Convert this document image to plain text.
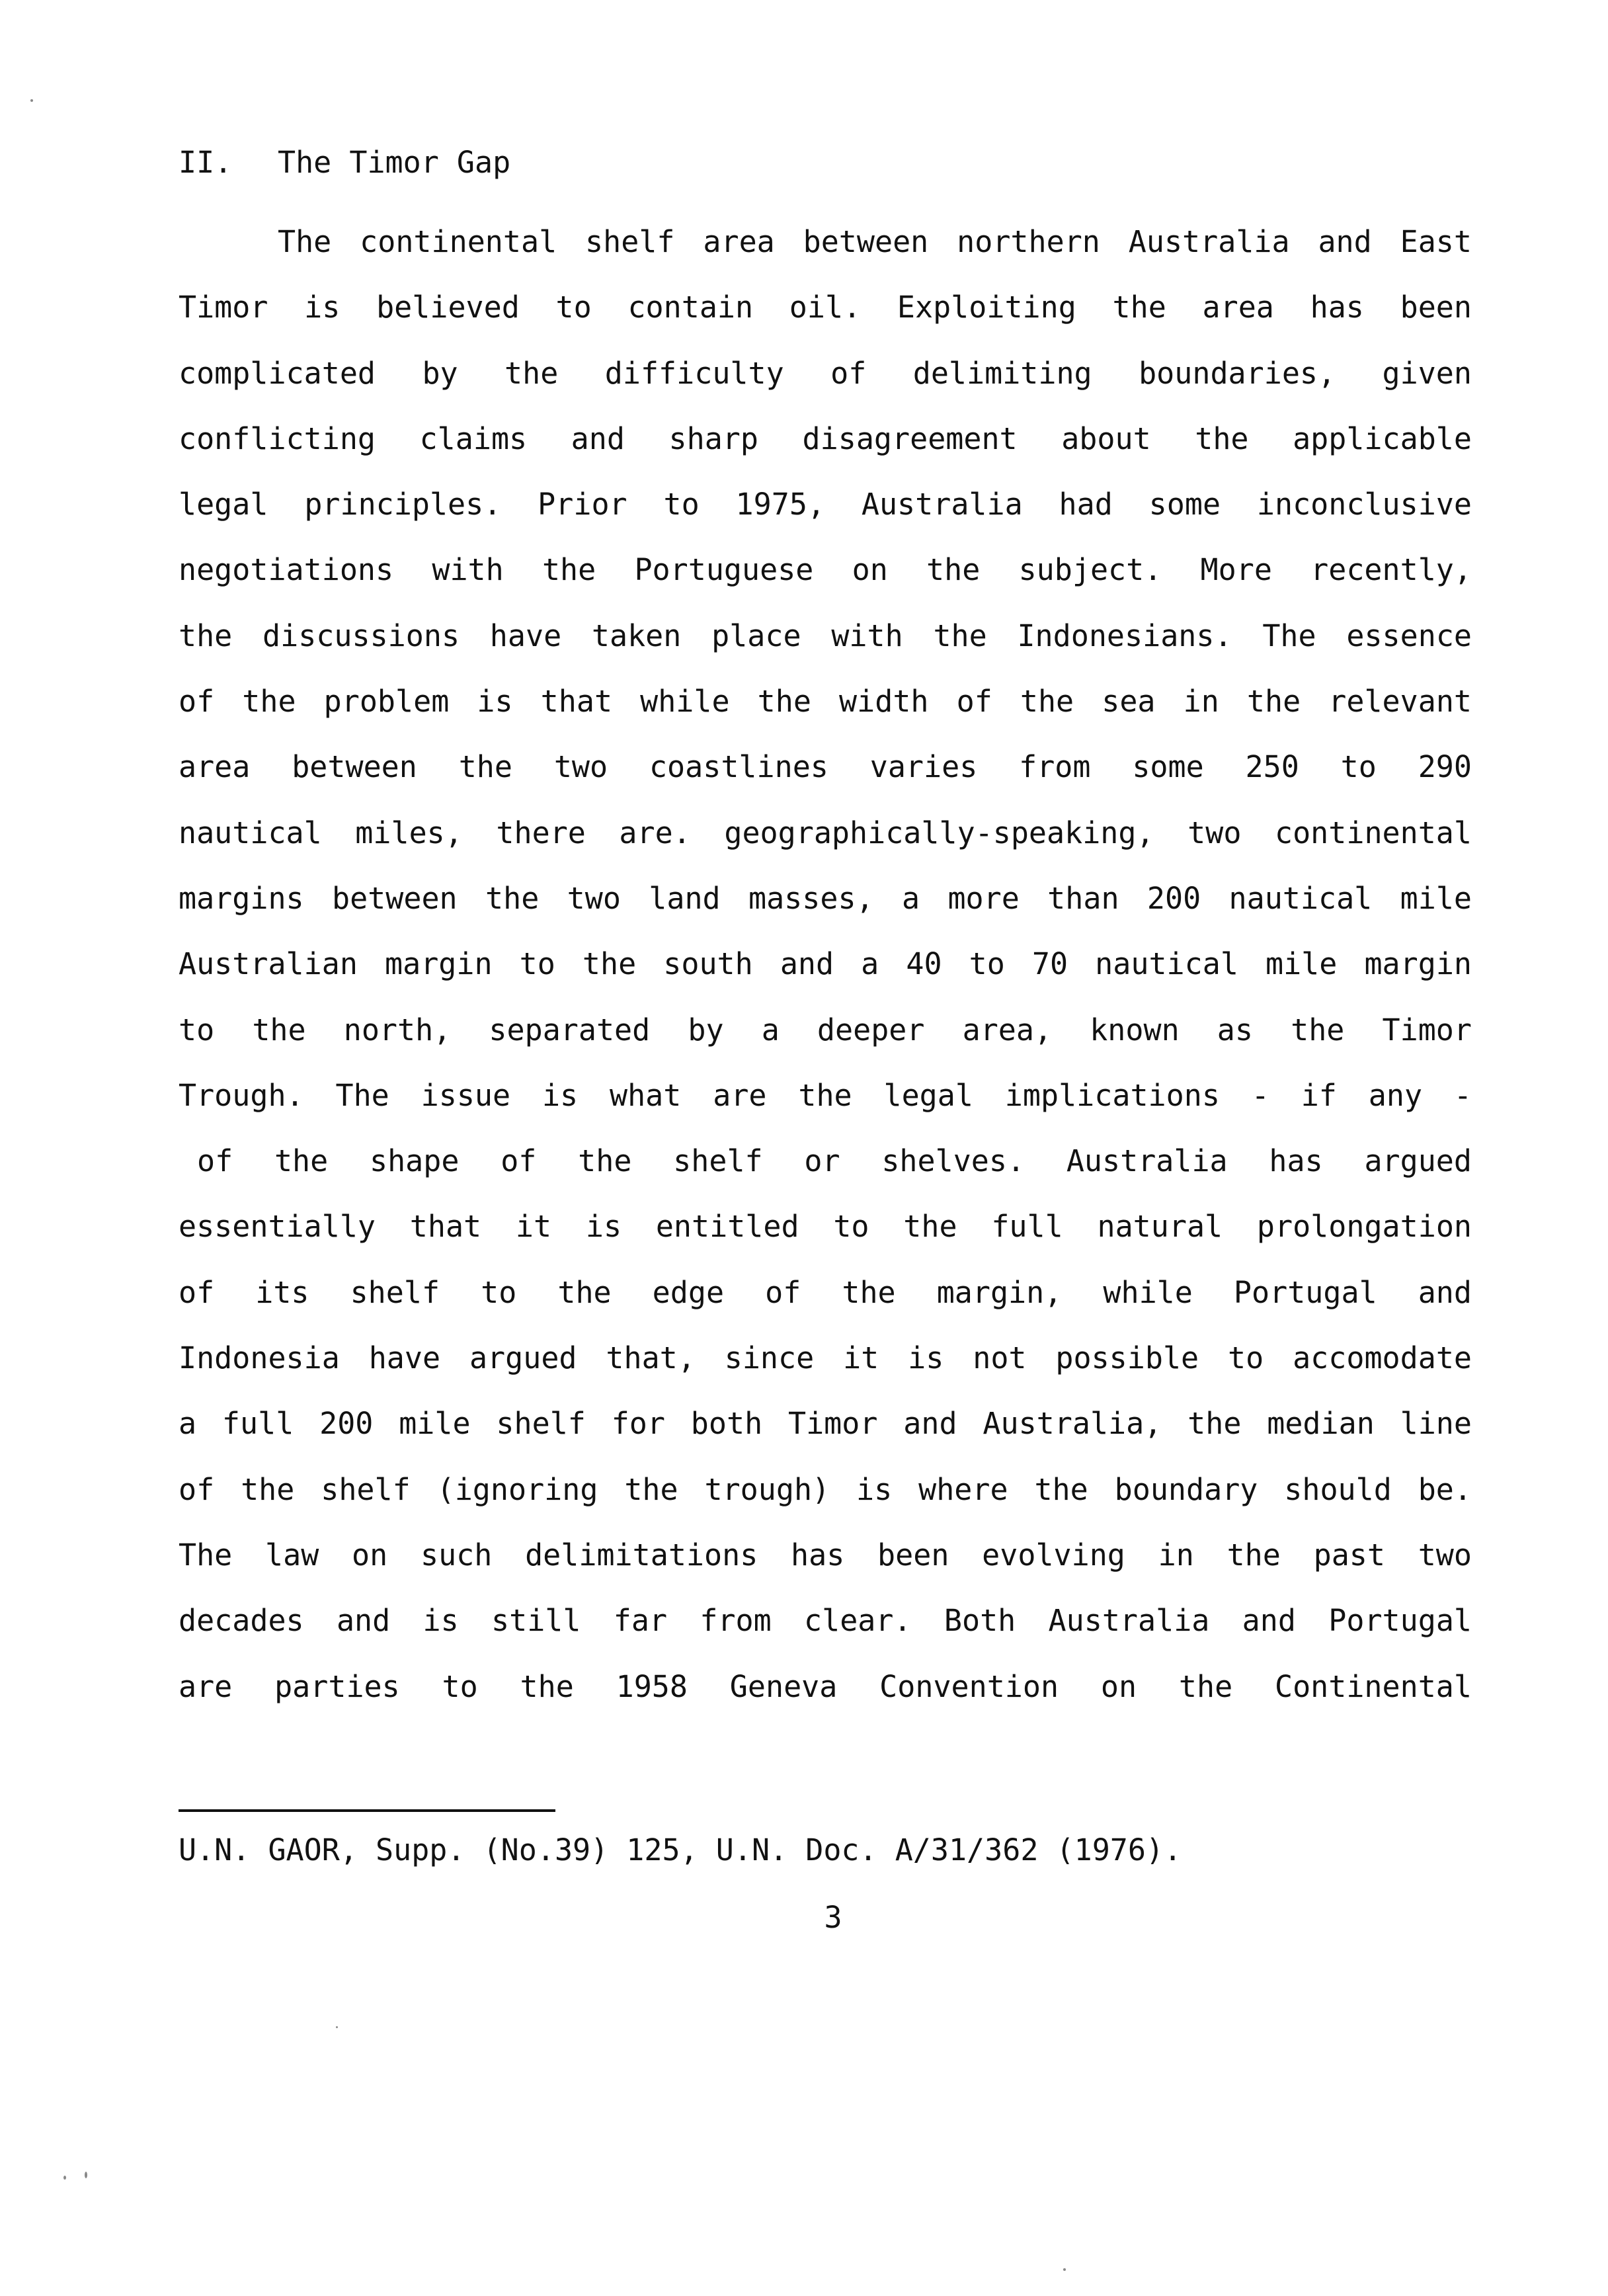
II. The Timor Gap
The continental shelf area between northern Australia and East
Timor is believed to contain oil. Exploiting the area has been
complicated by the difficulty of delimiting boundaries, given
conflicting claims and sharp disagreement about the applicable
legal principles. Prior to 1975, Australia had some inconclusive
negotiations with the Portuguese on the subject. More recently,
the discussions have taken place with the Indonesians. The essence
of the problem is that while the width of the sea in the relevant
area between the two coastlines varies from some 250 to 290
nautical miles, there are. geographically-speaking, two continental
margins between the two land masses, a more than 200 nautical mile
Australian margin to the south and a 40 to 70 nautical mile margin
to the north, separated by a deeper area, known as the Timor
Trough. The issue is what are the legal implications - if any -
of the shape of the shelf or shelves. Australia has argued
essentially that it is entitled to the full natural prolongation
of its shelf to the edge of the margin, while Portugal and
Indonesia have argued that, since it is not possible to accomodate
a full 200 mile shelf for both Timor and Australia, the median line
of the shelf (ignoring the trough) is where the boundary should be.
The law on such delimitations has been evolving in the past two
decades and is still far from clear. Both Australia and Portugal
are parties to the 1958 Geneva Convention on the Continental

U.N. GAOR, Supp. (No.39) 125, U.N. Doc. A/31/362 (1976).

3
